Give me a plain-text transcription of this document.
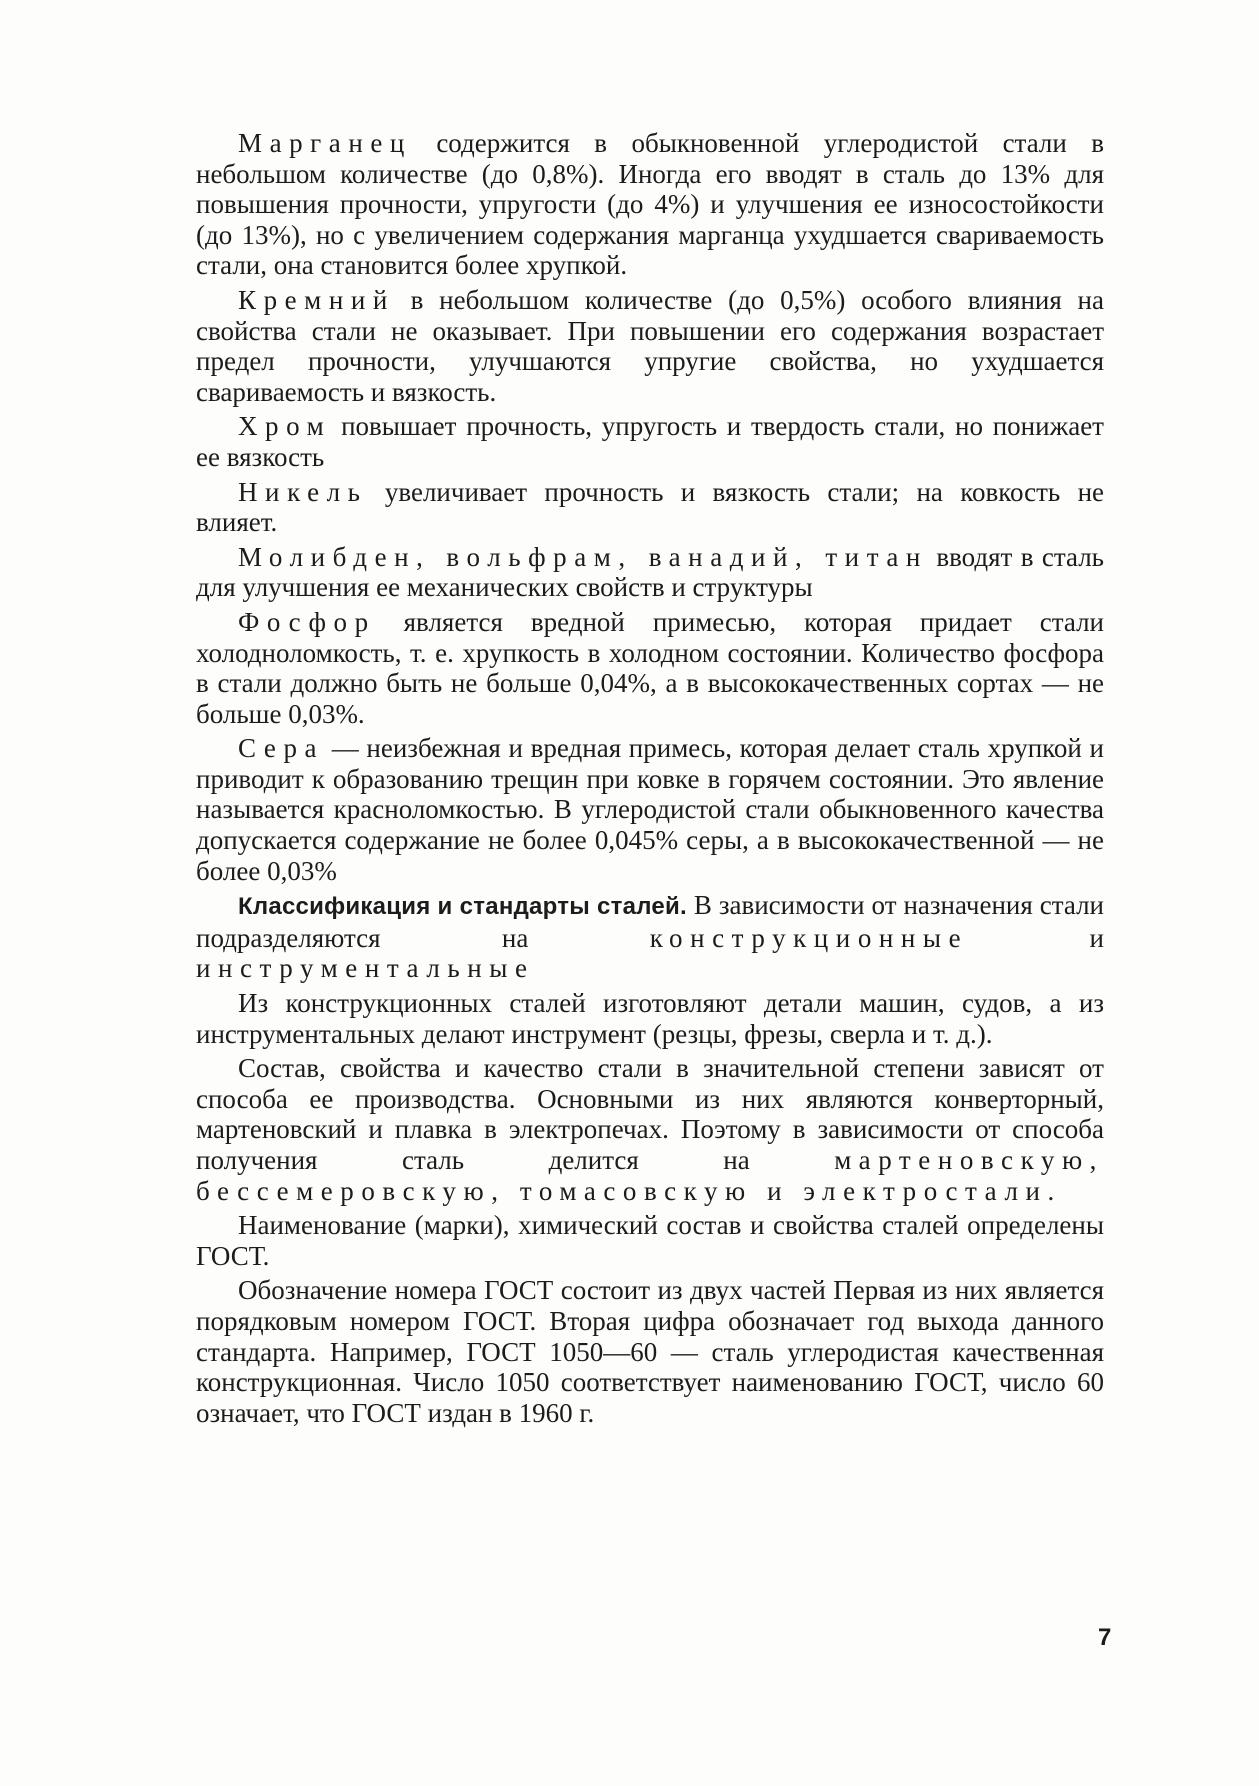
Марганец содержится в обыкновенной углеродистой стали в небольшом количестве (до 0,8%). Иногда его вводят в сталь до 13% для повышения прочности, упругости (до 4%) и улучшения ее износостойкости (до 13%), но с увеличением содержания марганца ухудшается свариваемость стали, она становится более хрупкой.

Кремний в небольшом количестве (до 0,5%) особого влияния на свойства стали не оказывает. При повышении его содержания возрастает предел прочности, улучшаются упругие свойства, но ухудшается свариваемость и вязкость.

Хром повышает прочность, упругость и твердость стали, но понижает ее вязкость

Никель увеличивает прочность и вязкость стали; на ковкость не влияет.

Молибден, вольфрам, ванадий, титан вводят в сталь для улучшения ее механических свойств и структуры

Фосфор является вредной примесью, которая придает стали холодноломкость, т. е. хрупкость в холодном состоянии. Количество фосфора в стали должно быть не больше 0,04%, а в высококачественных сортах — не больше 0,03%.

Сера — неизбежная и вредная примесь, которая делает сталь хрупкой и приводит к образованию трещин при ковке в горячем состоянии. Это явление называется красноломкостью. В углеродистой стали обыкновенного качества допускается содержание не более 0,045% серы, а в высококачественной — не более 0,03%

Классификация и стандарты сталей. В зависимости от назначения стали подразделяются на конструкционные и инструментальные

Из конструкционных сталей изготовляют детали машин, судов, а из инструментальных делают инструмент (резцы, фрезы, сверла и т. д.).

Состав, свойства и качество стали в значительной степени зависят от способа ее производства. Основными из них являются конверторный, мартеновский и плавка в электропечах. Поэтому в зависимости от способа получения сталь делится на мартеновскую, бессемеровскую, томасовскую и электростали.

Наименование (марки), химический состав и свойства сталей определены ГОСТ.

Обозначение номера ГОСТ состоит из двух частей Первая из них является порядковым номером ГОСТ. Вторая цифра обозначает год выхода данного стандарта. Например, ГОСТ 1050—60 — сталь углеродистая качественная конструкционная. Число 1050 соответствует наименованию ГОСТ, число 60 означает, что ГОСТ издан в 1960 г.

7
